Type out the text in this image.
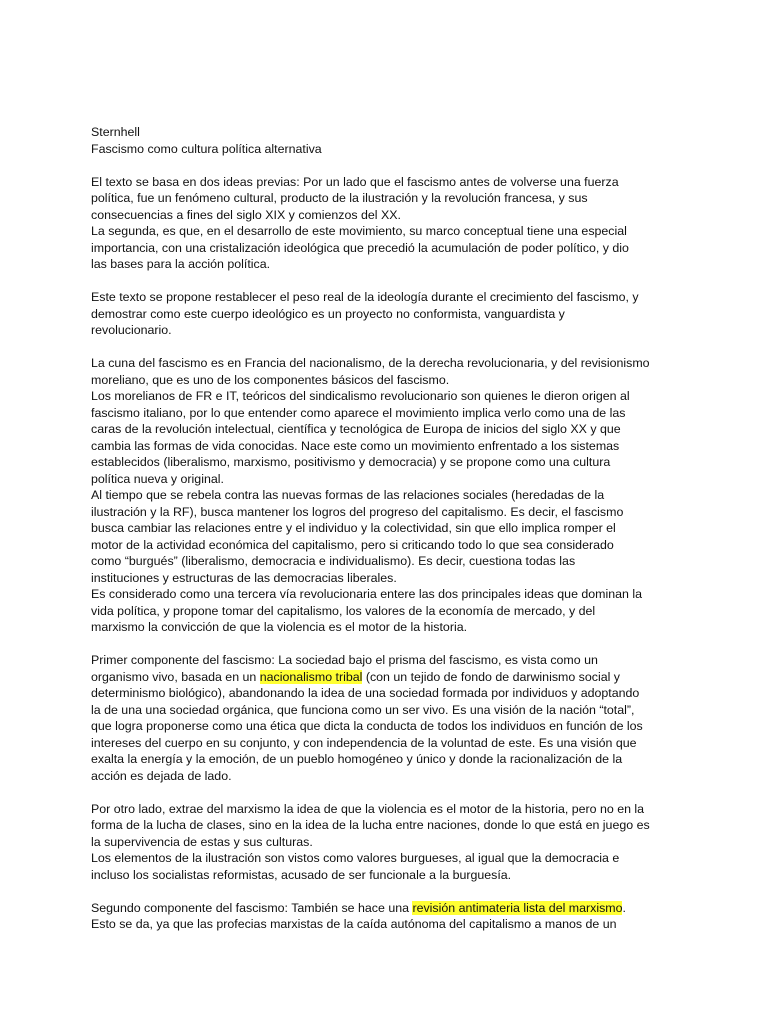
Sternhell
Fascismo como cultura política alternativa
El texto se basa en dos ideas previas: Por un lado que el fascismo antes de volverse una fuerza
política, fue un fenómeno cultural, producto de la ilustración y la revolución francesa, y sus
consecuencias a fines del siglo XIX y comienzos del XX.
La segunda, es que, en el desarrollo de este movimiento, su marco conceptual tiene una especial
importancia, con una cristalización ideológica que precedió la acumulación de poder político, y dio
las bases para la acción política.
Este texto se propone restablecer el peso real de la ideología durante el crecimiento del fascismo, y
demostrar como este cuerpo ideológico es un proyecto no conformista, vanguardista y
revolucionario.
La cuna del fascismo es en Francia del nacionalismo, de la derecha revolucionaria, y del revisionismo
moreliano, que es uno de los componentes básicos del fascismo.
Los morelianos de FR e IT, teóricos del sindicalismo revolucionario son quienes le dieron origen al
fascismo italiano, por lo que entender como aparece el movimiento implica verlo como una de las
caras de la revolución intelectual, científica y tecnológica de Europa de inicios del siglo XX y que
cambia las formas de vida conocidas. Nace este como un movimiento enfrentado a los sistemas
establecidos (liberalismo, marxismo, positivismo y democracia) y se propone como una cultura
política nueva y original.
Al tiempo que se rebela contra las nuevas formas de las relaciones sociales (heredadas de la
ilustración y la RF), busca mantener los logros del progreso del capitalismo. Es decir, el fascismo
busca cambiar las relaciones entre y el individuo y la colectividad, sin que ello implica romper el
motor de la actividad económica del capitalismo, pero si criticando todo lo que sea considerado
como “burgués” (liberalismo, democracia e individualismo). Es decir, cuestiona todas las
instituciones y estructuras de las democracias liberales.
Es considerado como una tercera vía revolucionaria entere las dos principales ideas que dominan la
vida política, y propone tomar del capitalismo, los valores de la economía de mercado, y del
marxismo la convicción de que la violencia es el motor de la historia.
Primer componente del fascismo: La sociedad bajo el prisma del fascismo, es vista como un
organismo vivo, basada en un nacionalismo tribal (con un tejido de fondo de darwinismo social y
determinismo biológico), abandonando la idea de una sociedad formada por individuos y adoptando
la de una una sociedad orgánica, que funciona como un ser vivo. Es una visión de la nación “total”,
que logra proponerse como una ética que dicta la conducta de todos los individuos en función de los
intereses del cuerpo en su conjunto, y con independencia de la voluntad de este. Es una visión que
exalta la energía y la emoción, de un pueblo homogéneo y único y donde la racionalización de la
acción es dejada de lado.
Por otro lado, extrae del marxismo la idea de que la violencia es el motor de la historia, pero no en la
forma de la lucha de clases, sino en la idea de la lucha entre naciones, donde lo que está en juego es
la supervivencia de estas y sus culturas.
Los elementos de la ilustración son vistos como valores burgueses, al igual que la democracia e
incluso los socialistas reformistas, acusado de ser funcionale a la burguesía.
Segundo componente del fascismo: También se hace una revisión antimateria lista del marxismo.
Esto se da, ya que las profecias marxistas de la caída autónoma del capitalismo a manos de un
